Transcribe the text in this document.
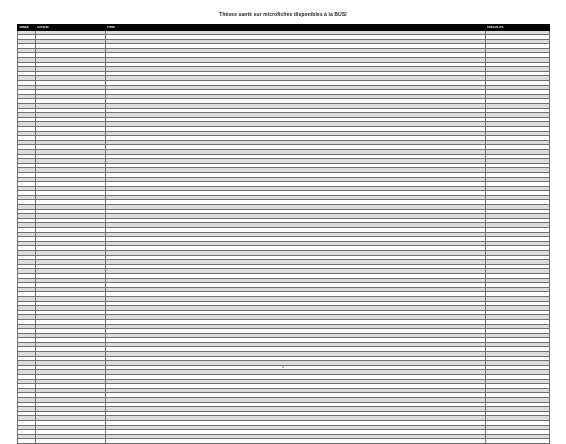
Thèses santé sur microfiches disponibles à la BUSI
ANNEE	AUTEUR	TITRE	SPECIALITE

1
